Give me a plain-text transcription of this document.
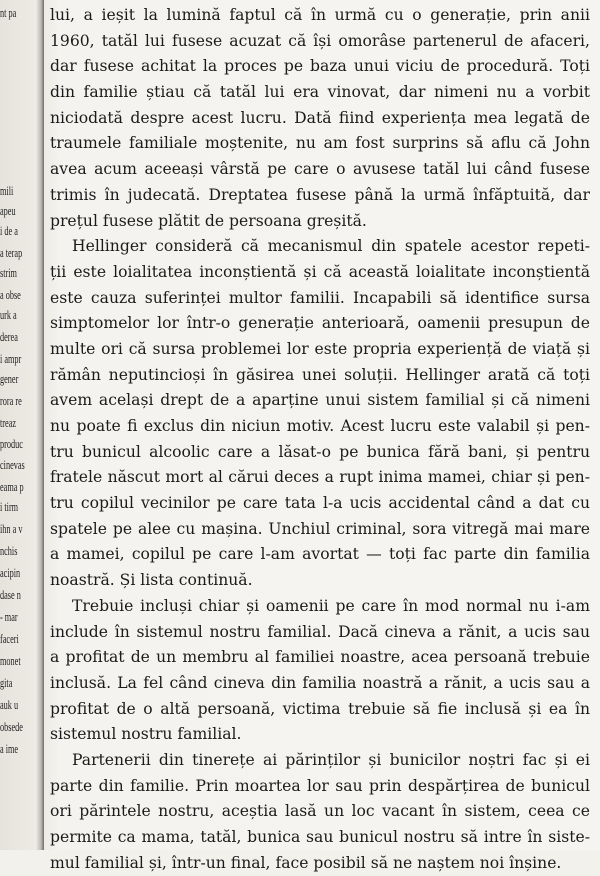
nt pa
mili
apeu
i de a
a terap
strim
a obse
urk a
derea
i ampr
gener
rora re
treaz
produc
cinevas
eama p
i tirm
ihn a v
nchis
acipin
dase n
- mar
faceri
monet
gita
auk u
obsede
a ime
lui, a ieșit la lumină faptul că în urmă cu o generație, prin anii
1960, tatăl lui fusese acuzat că își omorâse partenerul de afaceri,
dar fusese achitat la proces pe baza unui viciu de procedură. Toți
din familie știau că tatăl lui era vinovat, dar nimeni nu a vorbit
niciodată despre acest lucru. Dată fiind experiența mea legată de
traumele familiale moștenite, nu am fost surprins să aflu că John
avea acum aceeași vârstă pe care o avusese tatăl lui când fusese
trimis în judecată. Dreptatea fusese până la urmă înfăptuită, dar
prețul fusese plătit de persoana greșită.
Hellinger consideră că mecanismul din spatele acestor repeti-
ții este loialitatea inconștientă și că această loialitate inconștientă
este cauza suferinței multor familii. Incapabili să identifice sursa
simptomelor lor într-o generație anterioară, oamenii presupun de
multe ori că sursa problemei lor este propria experiență de viață și
rămân neputincioși în găsirea unei soluții. Hellinger arată că toți
avem același drept de a aparține unui sistem familial și că nimeni
nu poate fi exclus din niciun motiv. Acest lucru este valabil și pen-
tru bunicul alcoolic care a lăsat-o pe bunica fără bani, și pentru
fratele născut mort al cărui deces a rupt inima mamei, chiar și pen-
tru copilul vecinilor pe care tata l-a ucis accidental când a dat cu
spatele pe alee cu mașina. Unchiul criminal, sora vitregă mai mare
a mamei, copilul pe care l-am avortat — toți fac parte din familia
noastră. Și lista continuă.
Trebuie incluși chiar și oamenii pe care în mod normal nu i-am
include în sistemul nostru familial. Dacă cineva a rănit, a ucis sau
a profitat de un membru al familiei noastre, acea persoană trebuie
inclusă. La fel când cineva din familia noastră a rănit, a ucis sau a
profitat de o altă persoană, victima trebuie să fie inclusă și ea în
sistemul nostru familial.
Partenerii din tinerețe ai părinților și bunicilor noștri fac și ei
parte din familie. Prin moartea lor sau prin despărțirea de bunicul
ori părintele nostru, aceștia lasă un loc vacant în sistem, ceea ce
permite ca mama, tatăl, bunica sau bunicul nostru să intre în siste-
mul familial și, într-un final, face posibil să ne naștem noi înșine.
